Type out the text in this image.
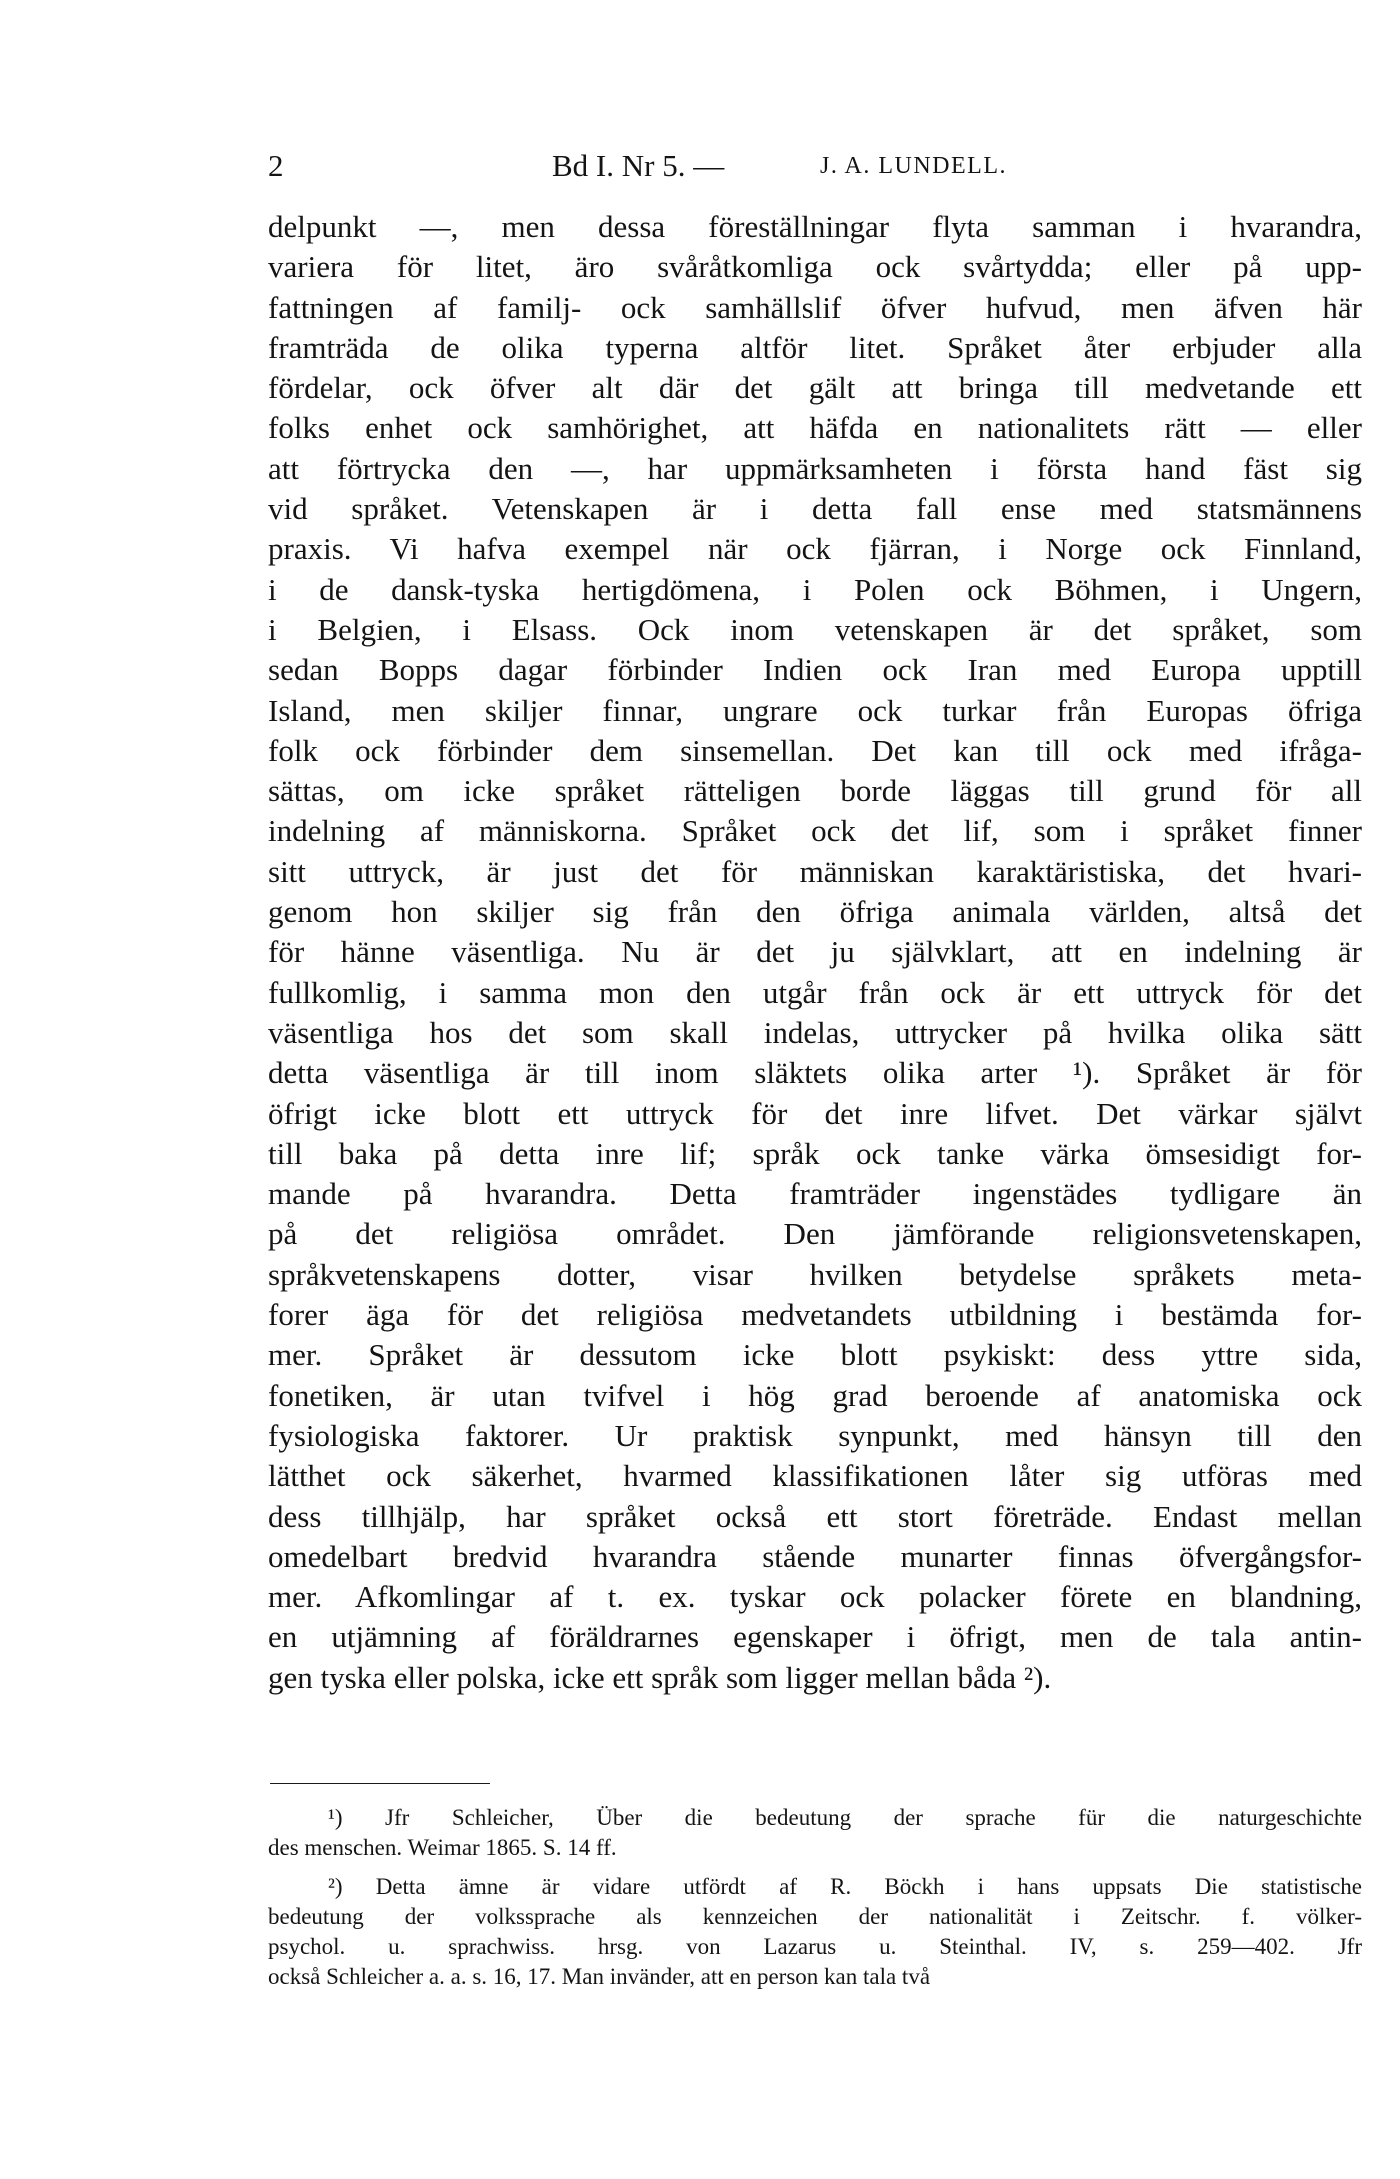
2	Bd I. Nr 5. —	J. A. LUNDELL.
delpunkt —, men dessa föreställningar flyta samman i hvarandra,
variera för litet, äro svåråtkomliga ock svårtydda; eller på upp-
fattningen af familj- ock samhällslif öfver hufvud, men äfven här
framträda de olika typerna altför litet. Språket åter erbjuder alla
fördelar, ock öfver alt där det gält att bringa till medvetande ett
folks enhet ock samhörighet, att häfda en nationalitets rätt — eller
att förtrycka den —, har uppmärksamheten i första hand fäst sig
vid språket. Vetenskapen är i detta fall ense med statsmännens
praxis. Vi hafva exempel när ock fjärran, i Norge ock Finnland,
i de dansk-tyska hertigdömena, i Polen ock Böhmen, i Ungern,
i Belgien, i Elsass. Ock inom vetenskapen är det språket, som
sedan Bopps dagar förbinder Indien ock Iran med Europa upptill
Island, men skiljer finnar, ungrare ock turkar från Europas öfriga
folk ock förbinder dem sinsemellan. Det kan till ock med ifråga-
sättas, om icke språket rätteligen borde läggas till grund för all
indelning af människorna. Språket ock det lif, som i språket finner
sitt uttryck, är just det för människan karaktäristiska, det hvari-
genom hon skiljer sig från den öfriga animala världen, altså det
för hänne väsentliga. Nu är det ju självklart, att en indelning är
fullkomlig, i samma mon den utgår från ock är ett uttryck för det
väsentliga hos det som skall indelas, uttrycker på hvilka olika sätt
detta väsentliga är till inom släktets olika arter ¹). Språket är för
öfrigt icke blott ett uttryck för det inre lifvet. Det värkar självt
till baka på detta inre lif; språk ock tanke värka ömsesidigt for-
mande på hvarandra. Detta framträder ingenstädes tydligare än
på det religiösa området. Den jämförande religionsvetenskapen,
språkvetenskapens dotter, visar hvilken betydelse språkets meta-
forer äga för det religiösa medvetandets utbildning i bestämda for-
mer. Språket är dessutom icke blott psykiskt: dess yttre sida,
fonetiken, är utan tvifvel i hög grad beroende af anatomiska ock
fysiologiska faktorer. Ur praktisk synpunkt, med hänsyn till den
lätthet ock säkerhet, hvarmed klassifikationen låter sig utföras med
dess tillhjälp, har språket också ett stort företräde. Endast mellan
omedelbart bredvid hvarandra stående munarter finnas öfvergångsfor-
mer. Afkomlingar af t. ex. tyskar ock polacker förete en blandning,
en utjämning af föräldrarnes egenskaper i öfrigt, men de tala antin-
gen tyska eller polska, icke ett språk som ligger mellan båda ²).
¹) Jfr Schleicher, Über die bedeutung der sprache für die naturgeschichte
des menschen. Weimar 1865. S. 14 ff.
²) Detta ämne är vidare utfördt af R. Böckh i hans uppsats Die statistische
bedeutung der volkssprache als kennzeichen der nationalität i Zeitschr. f. völker-
psychol. u. sprachwiss. hrsg. von Lazarus u. Steinthal. IV, s. 259—402. Jfr
också Schleicher a. a. s. 16, 17. Man invänder, att en person kan tala två
